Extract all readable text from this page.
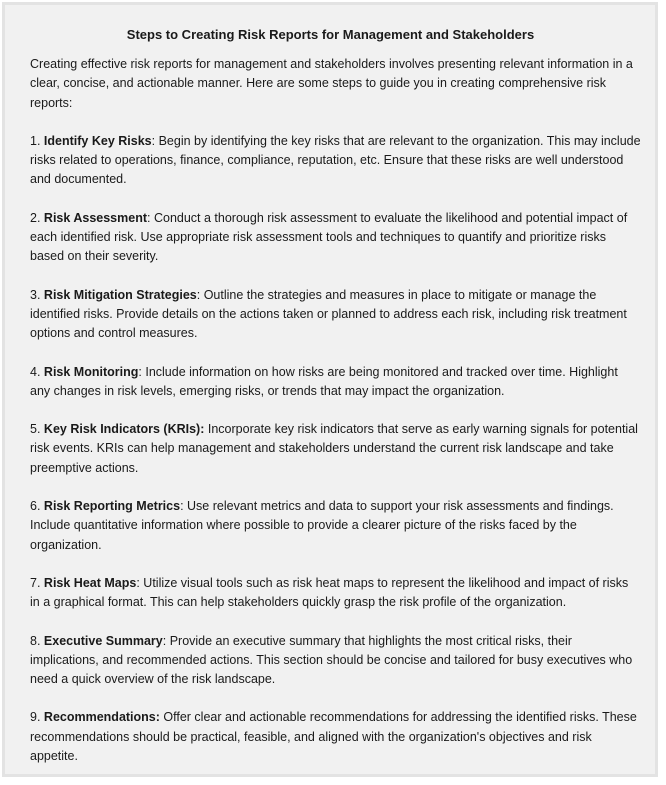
Steps to Creating Risk Reports for Management and Stakeholders

Creating effective risk reports for management and stakeholders involves presenting relevant information in a clear, concise, and actionable manner. Here are some steps to guide you in creating comprehensive risk reports:

1. Identify Key Risks: Begin by identifying the key risks that are relevant to the organization. This may include risks related to operations, finance, compliance, reputation, etc. Ensure that these risks are well understood and documented.

2. Risk Assessment: Conduct a thorough risk assessment to evaluate the likelihood and potential impact of each identified risk. Use appropriate risk assessment tools and techniques to quantify and prioritize risks based on their severity.

3. Risk Mitigation Strategies: Outline the strategies and measures in place to mitigate or manage the identified risks. Provide details on the actions taken or planned to address each risk, including risk treatment options and control measures.

4. Risk Monitoring: Include information on how risks are being monitored and tracked over time. Highlight any changes in risk levels, emerging risks, or trends that may impact the organization.

5. Key Risk Indicators (KRIs): Incorporate key risk indicators that serve as early warning signals for potential risk events. KRIs can help management and stakeholders understand the current risk landscape and take preemptive actions.

6. Risk Reporting Metrics: Use relevant metrics and data to support your risk assessments and findings. Include quantitative information where possible to provide a clearer picture of the risks faced by the organization.

7. Risk Heat Maps: Utilize visual tools such as risk heat maps to represent the likelihood and impact of risks in a graphical format. This can help stakeholders quickly grasp the risk profile of the organization.

8. Executive Summary: Provide an executive summary that highlights the most critical risks, their implications, and recommended actions. This section should be concise and tailored for busy executives who need a quick overview of the risk landscape.

9. Recommendations: Offer clear and actionable recommendations for addressing the identified risks. These recommendations should be practical, feasible, and aligned with the organization's objectives and risk appetite.
